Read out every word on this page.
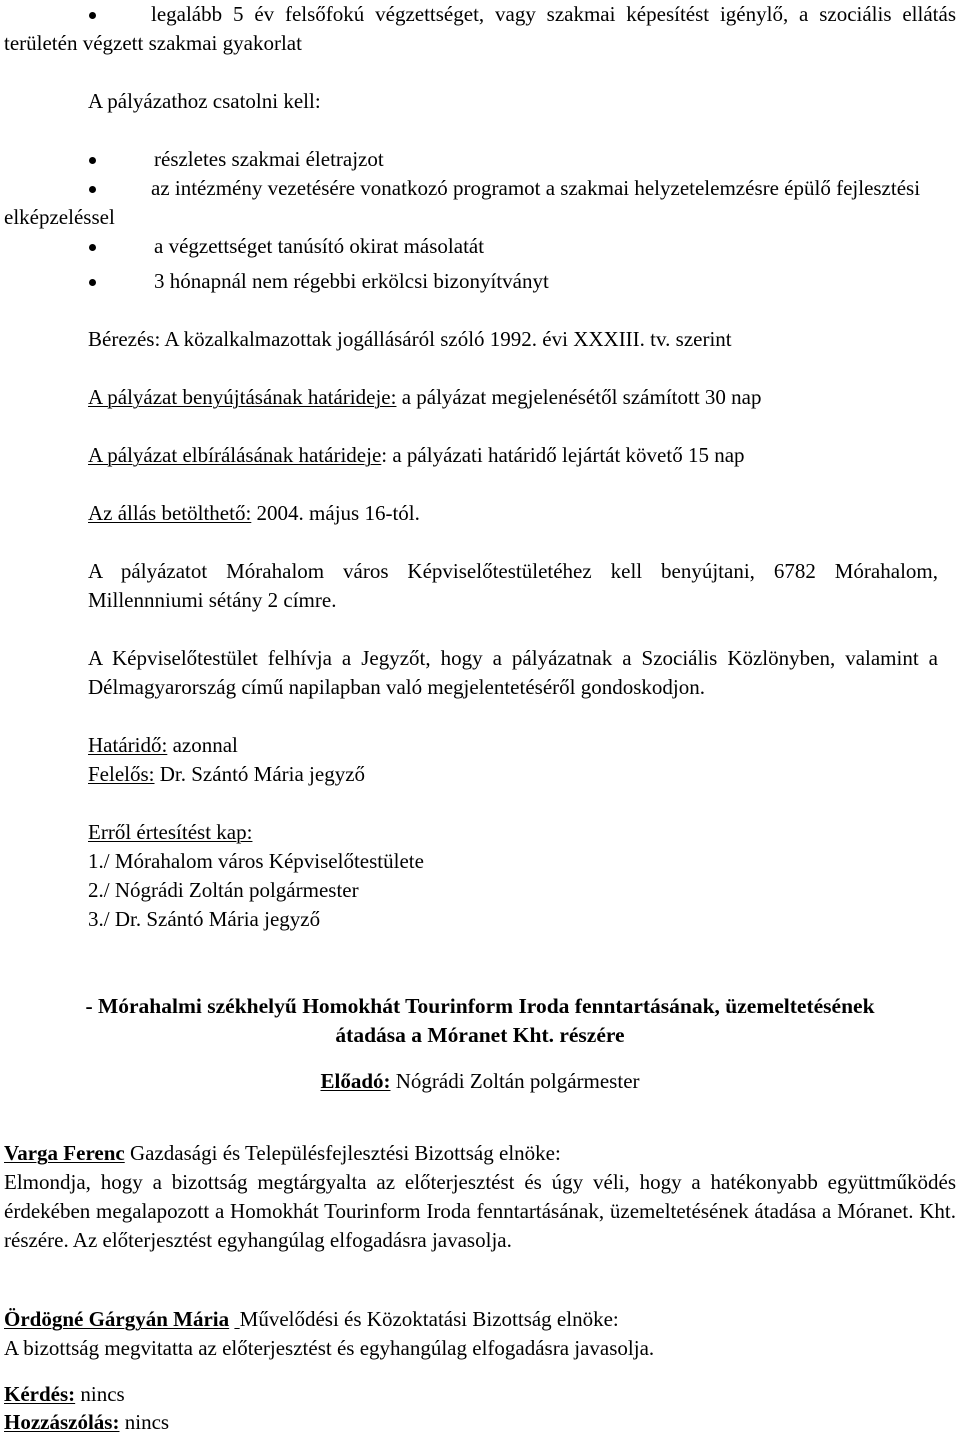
legalább 5 év felsőfokú végzettséget, vagy szakmai képesítést igénylő, a szociális ellátás területén végzett szakmai gyakorlat

A pályázathoz csatolni kell:

részletes szakmai életrajzot

az intézmény vezetésére vonatkozó programot a szakmai helyzetelemzésre épülő fejlesztési elképzeléssel

a végzettséget tanúsító okirat másolatát
3 hónapnál nem régebbi erkölcsi bizonyítványt

Bérezés: A közalkalmazottak jogállásáról szóló 1992. évi XXXIII. tv. szerint

A pályázat benyújtásának határideje: a pályázat megjelenésétől számított 30 nap

A pályázat elbírálásának határideje: a pályázati határidő lejártát követő 15 nap

Az állás betölthető: 2004. május 16-tól.

A pályázatot Mórahalom város Képviselőtestületéhez kell benyújtani, 6782 Mórahalom, Millennniumi sétány 2 címre.

A Képviselőtestület felhívja a Jegyzőt, hogy a pályázatnak a Szociális Közlönyben, valamint a Délmagyarország című napilapban való megjelentetéséről gondoskodjon.

Határidő: azonnal

Felelős: Dr. Szántó Mária jegyző

Erről értesítést kap:

1./ Mórahalom város Képviselőtestülete

2./ Nógrádi Zoltán polgármester

3./ Dr. Szántó Mária jegyző

- Mórahalmi székhelyű Homokhát Tourinform Iroda fenntartásának, üzemeltetésének

átadása a Móranet Kht. részére

Előadó: Nógrádi Zoltán polgármester

Varga Ferenc Gazdasági és Településfejlesztési Bizottság elnöke:

Elmondja, hogy a bizottság megtárgyalta az előterjesztést és úgy véli, hogy a hatékonyabb együttműködés érdekében megalapozott a Homokhát Tourinform Iroda fenntartásának, üzemeltetésének átadása a Móranet. Kht. részére. Az előterjesztést egyhangúlag elfogadásra javasolja.

Ördögné Gárgyán Mária Művelődési és Közoktatási Bizottság elnöke:

A bizottság megvitatta az előterjesztést és egyhangúlag elfogadásra javasolja.

Kérdés: nincs

Hozzászólás: nincs
